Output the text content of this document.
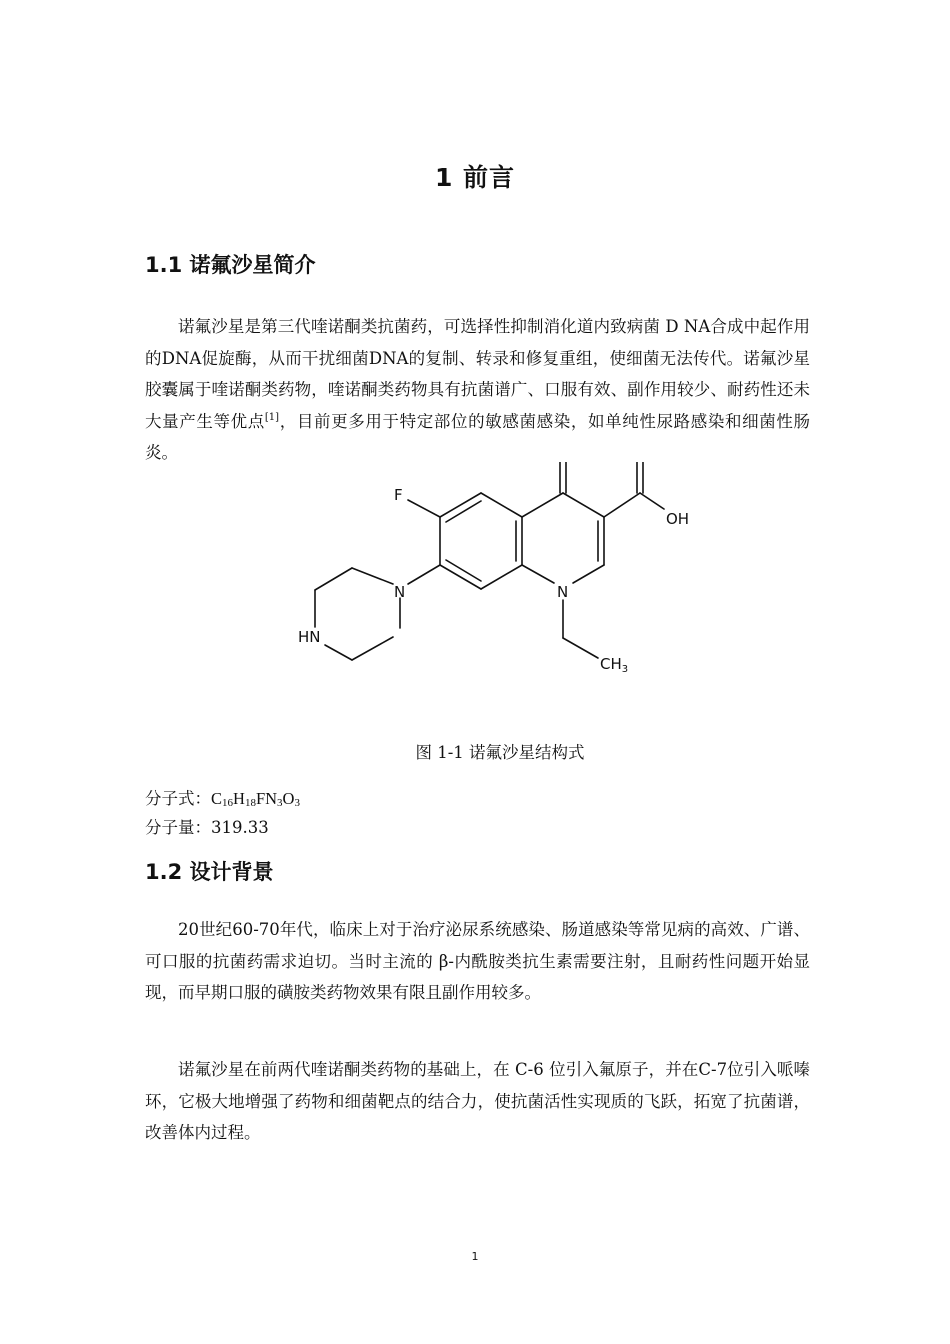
1 前言
1.1 诺氟沙星简介

诺氟沙星是第三代喹诺酮类抗菌药，可选择性抑制消化道内致病菌 D NA合成中起作用的DNA促旋酶，从而干扰细菌DNA的复制、转录和修复重组，使细菌无法传代。诺氟沙星胶囊属于喹诺酮类药物，喹诺酮类药物具有抗菌谱广、口服有效、副作用较少、耐药性还未大量产生等优点[1]，目前更多用于特定部位的敏感菌感染，如单纯性尿路感染和细菌性肠炎。

F
OH
N
N
HN
$CH_3$
图 1-1 诺氟沙星结构式
分子式：$C_{16}H_{18}FN_3O_3$
分子量：319.33
1.2 设计背景

20世纪60-70年代，临床上对于治疗泌尿系统感染、肠道感染等常见病的高效、广谱、可口服的抗菌药需求迫切。当时主流的 β-内酰胺类抗生素需要注射，且耐药性问题开始显现，而早期口服的磺胺类药物效果有限且副作用较多。

诺氟沙星在前两代喹诺酮类药物的基础上，在 C-6 位引入氟原子，并在C-7位引入哌嗪环，它极大地增强了药物和细菌靶点的结合力，使抗菌活性实现质的飞跃，拓宽了抗菌谱，改善体内过程。

1
